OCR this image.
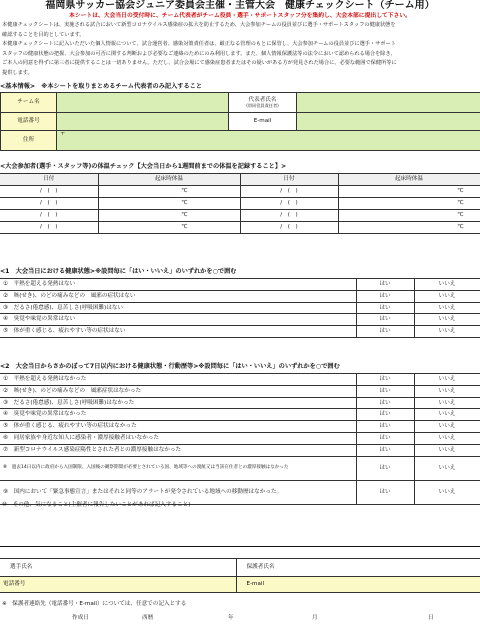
福岡県サッカー協会ジュニア委員会主催・主管大会　健康チェックシート（チーム用）
本シートは、大会当日の受付時に、チーム代表者がチーム役員・選手・サポートスタッフ分を集約し、大会本部に提出して下さい。

本健康チェックシートは、実施される試合において新型コロナウイルス感染症の拡大を防止するため、大会参加チームの役員並びに選手・サポートスタッフの健康状態を

確認することを目的としています。

本健康チェックシートに記入いただいた個人情報について、試合運営者、感染対策責任者は、厳正なる管理のもとに保管し、大会参加チームの役員並びに選手・サポート

スタッフの健康状態の把握、大会参加の可否に関する判断および必要なご連絡のためにのみ利用します。また、個人情報保護法等の法令において認められる場合を除き、

ご本人の同意を得ずに第三者に提供することは一切ありません。ただし、試合会場にて感染症患者またはその疑いがある方が発見された場合に、必要な範囲で保健所等に

提供します。

<基本情報>　※本シートを取りまとめるチーム代表者のみ記入すること
チーム名		代表者氏名
(帯同役員責任者)	

電話番号		E-mail	
住所	〒		
<大会参加者(選手・スタッフ等)の体温チェック【大会当日から1週間前までの体温を記録すること】>
日付	起床時体温	日付	起床時体温
/　(　)	℃	/　(　)	℃
/　(　)	℃	/　(　)	℃
/　(　)	℃	/　(　)	℃
/　(　)	℃	/　(　)	℃
<1　大会当日における健康状態>※設問毎に「はい・いいえ」のいずれかを○で囲む
①　平熱を超える発熱はない	はい	いいえ
②　咳(せき)、のどの痛みなどの　風邪の症状はない	はい	いいえ
③　だるさ(倦怠感)、息苦しさ(呼吸困難)はない	はい	いいえ
④　臭覚や味覚の異常はない	はい	いいえ
⑤　体が重く感じる、疲れやすい等の症状はない	はい	いいえ
<2　大会当日からさかのぼって7日以内における健康状態・行動歴等>※設問毎に「はい・いいえ」のいずれかを○で囲む
①　平熱を超える発熱はなかった	はい	いいえ
②　咳(せき)、のどの痛みなどの　風邪症状はなかった	はい	いいえ
③　だるさ(倦怠感)、息苦しさ(呼吸困難)はなかった	はい	いいえ
④　臭覚や味覚の異常はなかった	はい	いいえ
⑤　体が重く感じる、疲れやすい等の症状はなかった	はい	いいえ
⑥　同居家族や身近な知人に感染者・濃厚接触者はいなかった	はい	いいえ
⑦　新型コロナウイルス感染症陽性とされた者との濃厚接触はなかった	はい	いいえ
⑧　過去14日以内に政府から入国制限、入国後の観察期間が必要とされている国、地域等への渡航又は当該在住者との濃厚接触はなかった	はい	いいえ
⑨　国内において「緊急事態宣言」またはそれと同等のアラートが発令されている地域への移動歴はなかった。	はい	いいえ
⑩　その他、気になること(主催者に報告したいことがあれば記入すること)
選手氏名	保護者氏名
電話番号	E-mail
※　保護者連絡先（電話番号・E-mail）については、任意での記入とする
作成日	西暦	年	月	日
